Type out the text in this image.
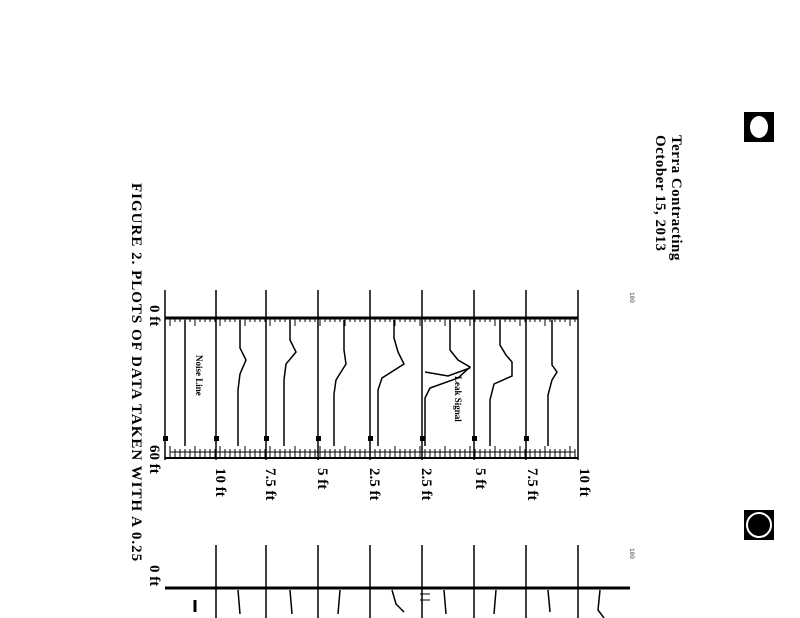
Terra Contracting
October 15, 2013
FIGURE 2. PLOTS OF DATA TAKEN WITH A 0.25 0 ft
60 ft
0 ft
10 ft
7.5 ft
5 ft
2.5 ft
2.5 ft
5 ft
7.5 ft
10 ft
Leak Signal
Noise Line
100
100
